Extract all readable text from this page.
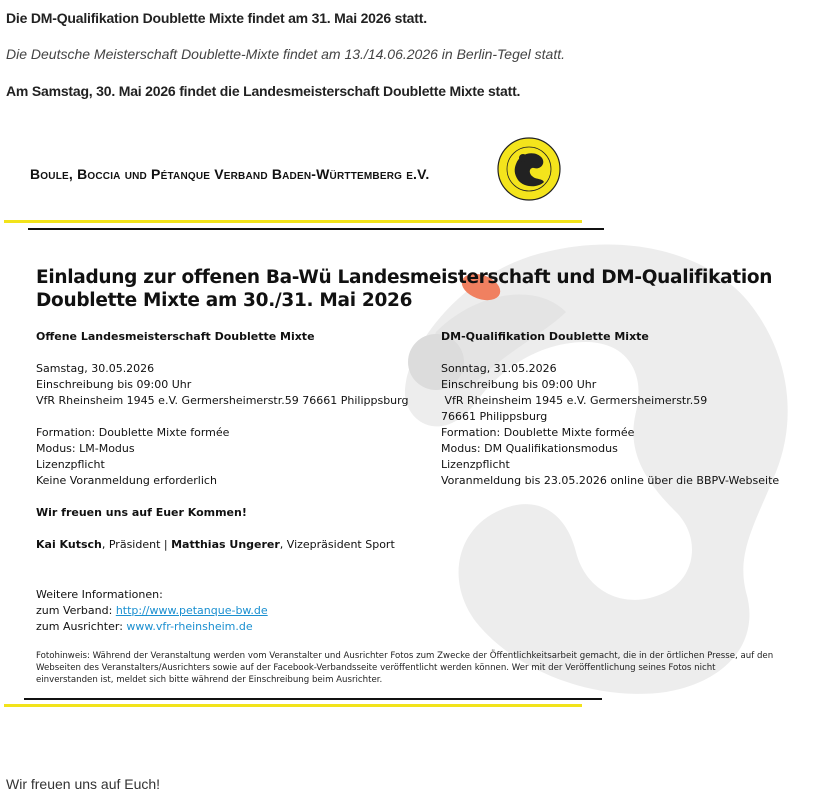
Die DM-Qualifikation Doublette Mixte findet am 31. Mai 2026 statt.
Die Deutsche Meisterschaft Doublette-Mixte findet am 13./14.06.2026 in Berlin-Tegel statt.
Am Samstag, 30. Mai 2026 findet die Landesmeisterschaft Doublette Mixte statt.
Boule, Boccia und Pétanque Verband Baden-Württemberg e.V.
Einladung zur offenen Ba-Wü Landesmeisterschaft und DM-Qualifikation
Doublette Mixte am 30./31. Mai 2026
Offene Landesmeisterschaft Doublette Mixte
Samstag, 30.05.2026
Einschreibung bis 09:00 Uhr
VfR Rheinsheim 1945 e.V. Germersheimerstr.59 76661 Philippsburg
Formation: Doublette Mixte formée
Modus: LM-Modus
Lizenzpflicht
Keine Voranmeldung erforderlich
Wir freuen uns auf Euer Kommen!
Kai Kutsch, Präsident | Matthias Ungerer, Vizepräsident Sport
DM-Qualifikation Doublette Mixte
Sonntag, 31.05.2026
Einschreibung bis 09:00 Uhr
VfR Rheinsheim 1945 e.V. Germersheimerstr.59
76661 Philippsburg
Formation: Doublette Mixte formée
Modus: DM Qualifikationsmodus
Lizenzpflicht
Voranmeldung bis 23.05.2026 online über die BBPV-Webseite
Weitere Informationen:
zum Verband: http://www.petanque-bw.de
zum Ausrichter: www.vfr-rheinsheim.de
Fotohinweis: Während der Veranstaltung werden vom Veranstalter und Ausrichter Fotos zum Zwecke der Öffentlichkeitsarbeit gemacht, die in der örtlichen Presse, auf den Webseiten des Veranstalters/Ausrichters sowie auf der Facebook-Verbandsseite veröffentlicht werden können. Wer mit der Veröffentlichung seines Fotos nicht einverstanden ist, meldet sich bitte während der Einschreibung beim Ausrichter.
Wir freuen uns auf Euch!
